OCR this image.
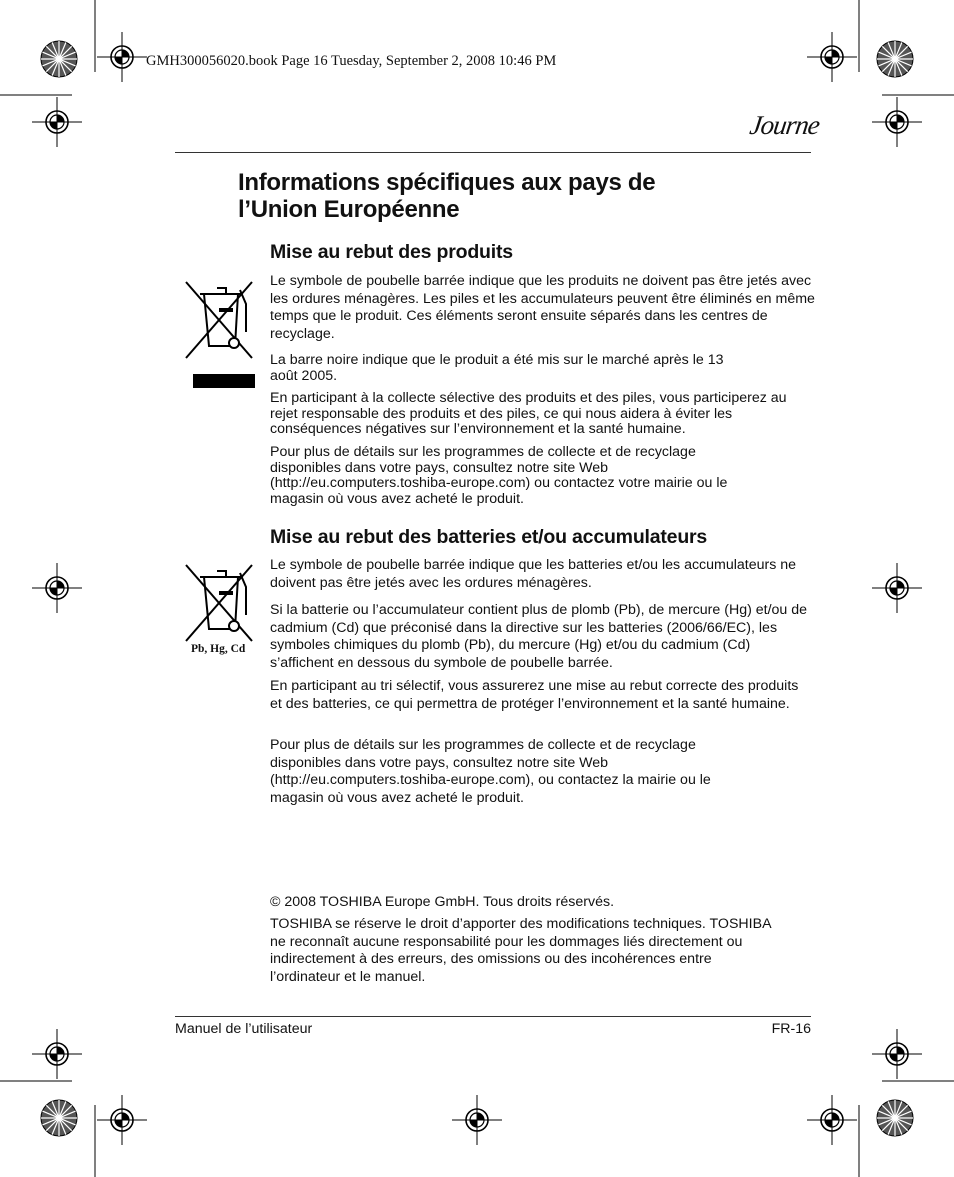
GMH300056020.book Page 16 Tuesday, September 2, 2008 10:46 PM
Journe
Informations spécifiques aux pays de
l’Union Européenne
Mise au rebut des produits
Le symbole de poubelle barrée indique que les produits ne doivent pas être jetés avec les ordures ménagères. Les piles et les accumulateurs peuvent être éliminés en même temps que le produit. Ces éléments seront ensuite séparés dans les centres de recyclage.
La barre noire indique que le produit a été mis sur le marché après le 13 août 2005.
En participant à la collecte sélective des produits et des piles, vous participerez au rejet responsable des produits et des piles, ce qui nous aidera à éviter les conséquences négatives sur l’environnement et la santé humaine.
Pour plus de détails sur les programmes de collecte et de recyclage disponibles dans votre pays, consultez notre site Web (http://eu.computers.toshiba-europe.com) ou contactez votre mairie ou le magasin où vous avez acheté le produit.
Mise au rebut des batteries et/ou accumulateurs
Pb, Hg, Cd
Le symbole de poubelle barrée indique que les batteries et/ou les accumulateurs ne doivent pas être jetés avec les ordures ménagères.
Si la batterie ou l’accumulateur contient plus de plomb (Pb), de mercure (Hg) et/ou de cadmium (Cd) que préconisé dans la directive sur les batteries (2006/66/EC), les symboles chimiques du plomb (Pb), du mercure (Hg) et/ou du cadmium (Cd) s’affichent en dessous du symbole de poubelle barrée.
En participant au tri sélectif, vous assurerez une mise au rebut correcte des produits et des batteries, ce qui permettra de protéger l’environnement et la santé humaine.
Pour plus de détails sur les programmes de collecte et de recyclage disponibles dans votre pays, consultez notre site Web (http://eu.computers.toshiba-europe.com), ou contactez la mairie ou le magasin où vous avez acheté le produit.
© 2008 TOSHIBA Europe GmbH. Tous droits réservés.
TOSHIBA se réserve le droit d’apporter des modifications techniques. TOSHIBA ne reconnaît aucune responsabilité pour les dommages liés directement ou indirectement à des erreurs, des omissions ou des incohérences entre l’ordinateur et le manuel.
Manuel de l’utilisateur	FR-16
